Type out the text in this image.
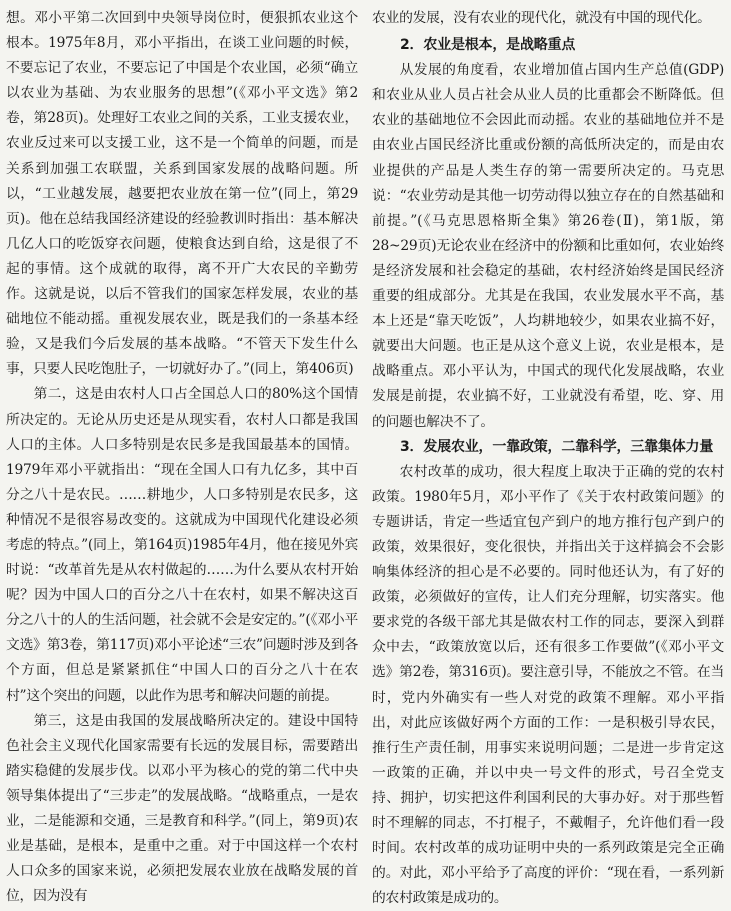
想。邓小平第二次回到中央领导岗位时，便狠抓农业这个根本。1975年8月，邓小平指出，在谈工业问题的时候，不要忘记了农业，不要忘记了中国是个农业国，必须“确立以农业为基础、为农业服务的思想”(《邓小平文选》第2卷，第28页)。处理好工农业之间的关系，工业支援农业，农业反过来可以支援工业，这不是一个简单的问题，而是关系到加强工农联盟，关系到国家发展的战略问题。所以，“工业越发展，越要把农业放在第一位”(同上，第29页)。他在总结我国经济建设的经验教训时指出：基本解决几亿人口的吃饭穿衣问题，使粮食达到自给，这是很了不起的事情。这个成就的取得，离不开广大农民的辛勤劳作。这就是说，以后不管我们的国家怎样发展，农业的基础地位不能动摇。重视发展农业，既是我们的一条基本经验，又是我们今后发展的基本战略。“不管天下发生什么事，只要人民吃饱肚子，一切就好办了。”(同上，第406页)

第二，这是由农村人口占全国总人口的80%这个国情所决定的。无论从历史还是从现实看，农村人口都是我国人口的主体。人口多特别是农民多是我国最基本的国情。1979年邓小平就指出：“现在全国人口有九亿多，其中百分之八十是农民。……耕地少，人口多特别是农民多，这种情况不是很容易改变的。这就成为中国现代化建设必须考虑的特点。”(同上，第164页)1985年4月，他在接见外宾时说：“改革首先是从农村做起的……为什么要从农村开始呢？因为中国人口的百分之八十在农村，如果不解决这百分之八十的人的生活问题，社会就不会是安定的。”(《邓小平文选》第3卷，第117页)邓小平论述“三农”问题时涉及到各个方面，但总是紧紧抓住“中国人口的百分之八十在农村”这个突出的问题，以此作为思考和解决问题的前提。

第三，这是由我国的发展战略所决定的。建设中国特色社会主义现代化国家需要有长远的发展目标，需要踏出踏实稳健的发展步伐。以邓小平为核心的党的第二代中央领导集体提出了“三步走”的发展战略。“战略重点，一是农业，二是能源和交通，三是教育和科学。”(同上，第9页)农业是基础，是根本，是重中之重。对于中国这样一个农村人口众多的国家来说，必须把发展农业放在战略发展的首位，因为没有

农业的发展，没有农业的现代化，就没有中国的现代化。

2．农业是根本，是战略重点

从发展的角度看，农业增加值占国内生产总值(GDP)和农业从业人员占社会从业人员的比重都会不断降低。但农业的基础地位不会因此而动摇。农业的基础地位并不是由农业占国民经济比重或份额的高低所决定的，而是由农业提供的产品是人类生存的第一需要所决定的。马克思说：“农业劳动是其他一切劳动得以独立存在的自然基础和前提。”(《马克思恩格斯全集》第26卷(Ⅱ)，第1版，第28~29页)无论农业在经济中的份额和比重如何，农业始终是经济发展和社会稳定的基础，农村经济始终是国民经济重要的组成部分。尤其是在我国，农业发展水平不高，基本上还是“靠天吃饭”，人均耕地较少，如果农业搞不好，就要出大问题。也正是从这个意义上说，农业是根本，是战略重点。邓小平认为，中国式的现代化发展战略，农业发展是前提，农业搞不好，工业就没有希望，吃、穿、用的问题也解决不了。

3．发展农业，一靠政策，二靠科学，三靠集体力量

农村改革的成功，很大程度上取决于正确的党的农村政策。1980年5月，邓小平作了《关于农村政策问题》的专题讲话，肯定一些适宜包产到户的地方推行包产到户的政策，效果很好，变化很快，并指出关于这样搞会不会影响集体经济的担心是不必要的。同时他还认为，有了好的政策，必须做好的宣传，让人们充分理解，切实落实。他要求党的各级干部尤其是做农村工作的同志，要深入到群众中去，“政策放宽以后，还有很多工作要做”(《邓小平文选》第2卷，第316页)。要注意引导，不能放之不管。在当时，党内外确实有一些人对党的政策不理解。邓小平指出，对此应该做好两个方面的工作：一是积极引导农民，推行生产责任制，用事实来说明问题；二是进一步肯定这一政策的正确，并以中央一号文件的形式，号召全党支持、拥护，切实把这件利国利民的大事办好。对于那些暂时不理解的同志，不打棍子，不戴帽子，允许他们看一段时间。农村改革的成功证明中央的一系列政策是完全正确的。对此，邓小平给予了高度的评价：“现在看，一系列新的农村政策是成功的。
